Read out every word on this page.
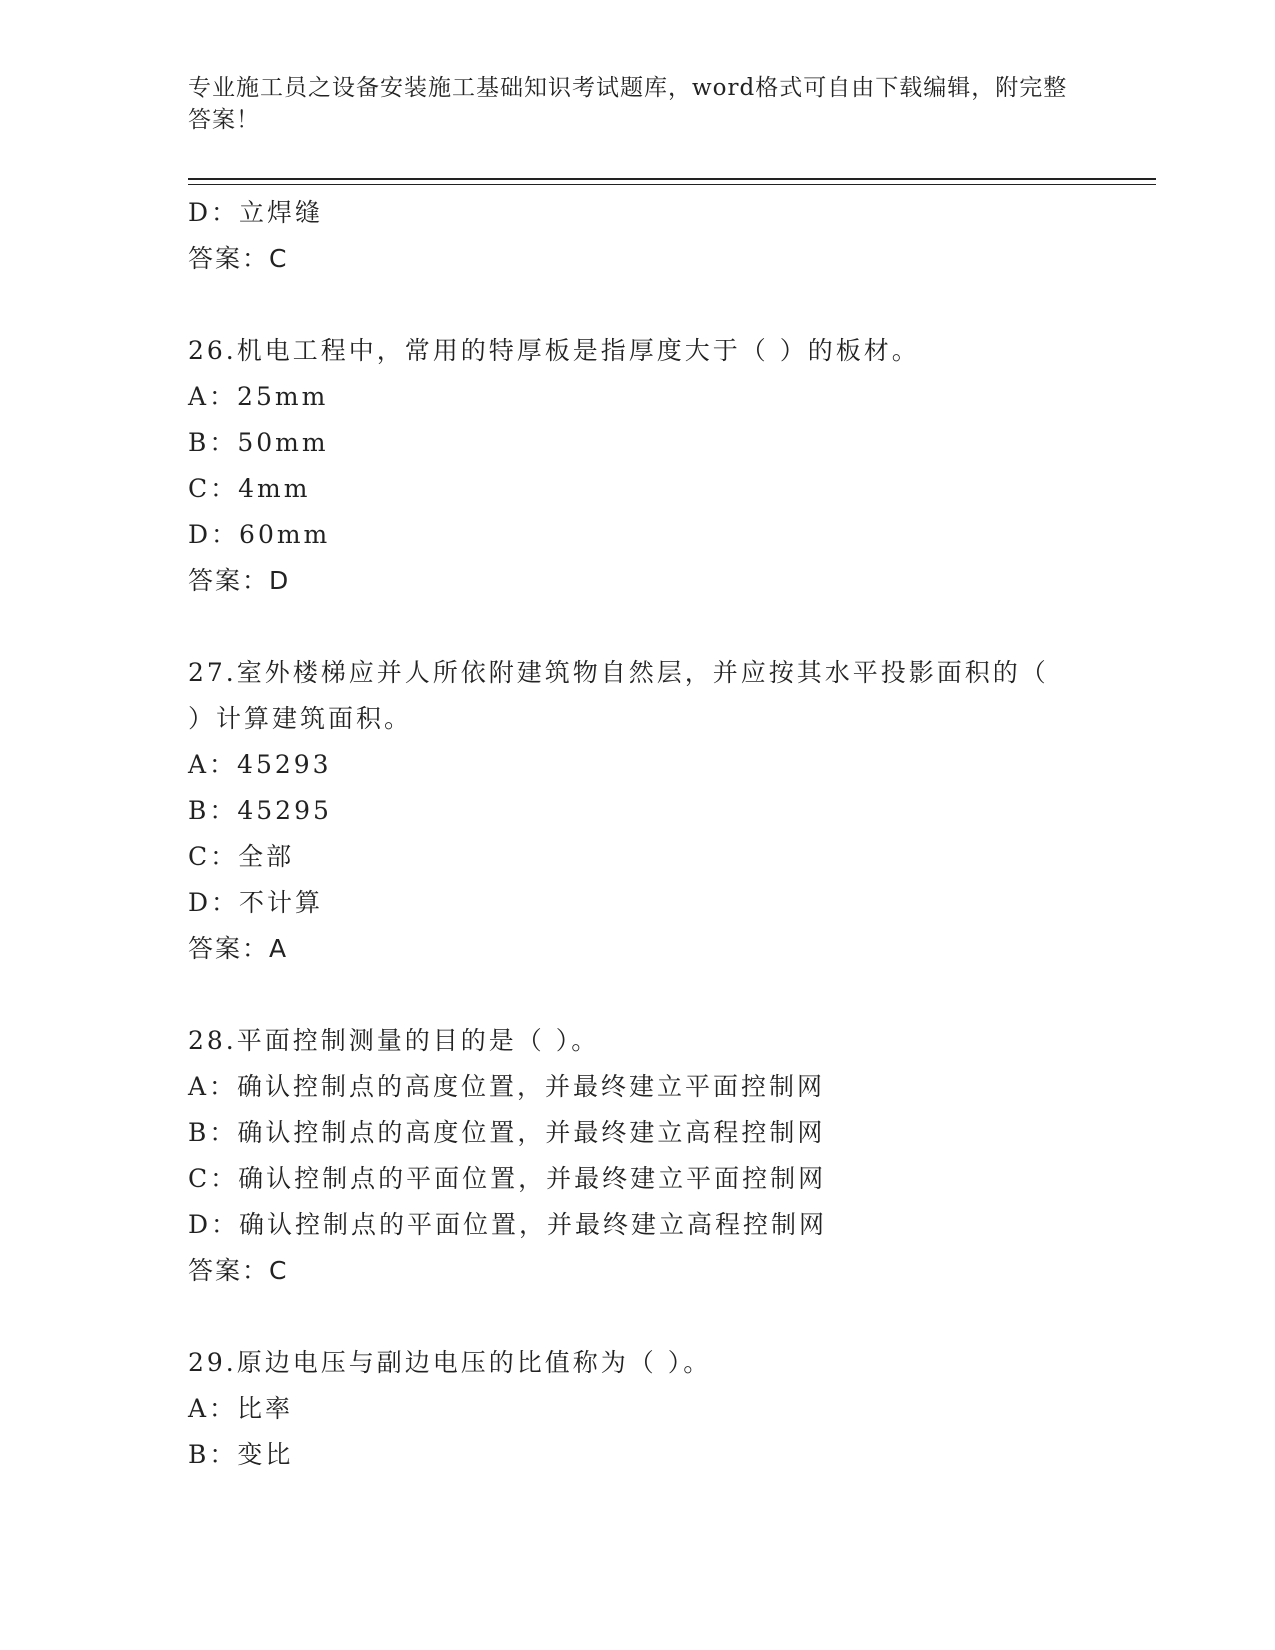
专业施工员之设备安装施工基础知识考试题库，word格式可自由下载编辑，附完整答案！
D：立焊缝
答案：C
26.机电工程中，常用的特厚板是指厚度大于（ ）的板材。
A：25mm
B：50mm
C：4mm
D：60mm
答案：D
27.室外楼梯应并人所依附建筑物自然层，并应按其水平投影面积的（
）计算建筑面积。
A：45293
B：45295
C：全部
D：不计算
答案：A
28.平面控制测量的目的是（ ）。
A：确认控制点的高度位置，并最终建立平面控制网
B：确认控制点的高度位置，并最终建立高程控制网
C：确认控制点的平面位置，并最终建立平面控制网
D：确认控制点的平面位置，并最终建立高程控制网
答案：C
29.原边电压与副边电压的比值称为（ ）。
A：比率
B：变比
